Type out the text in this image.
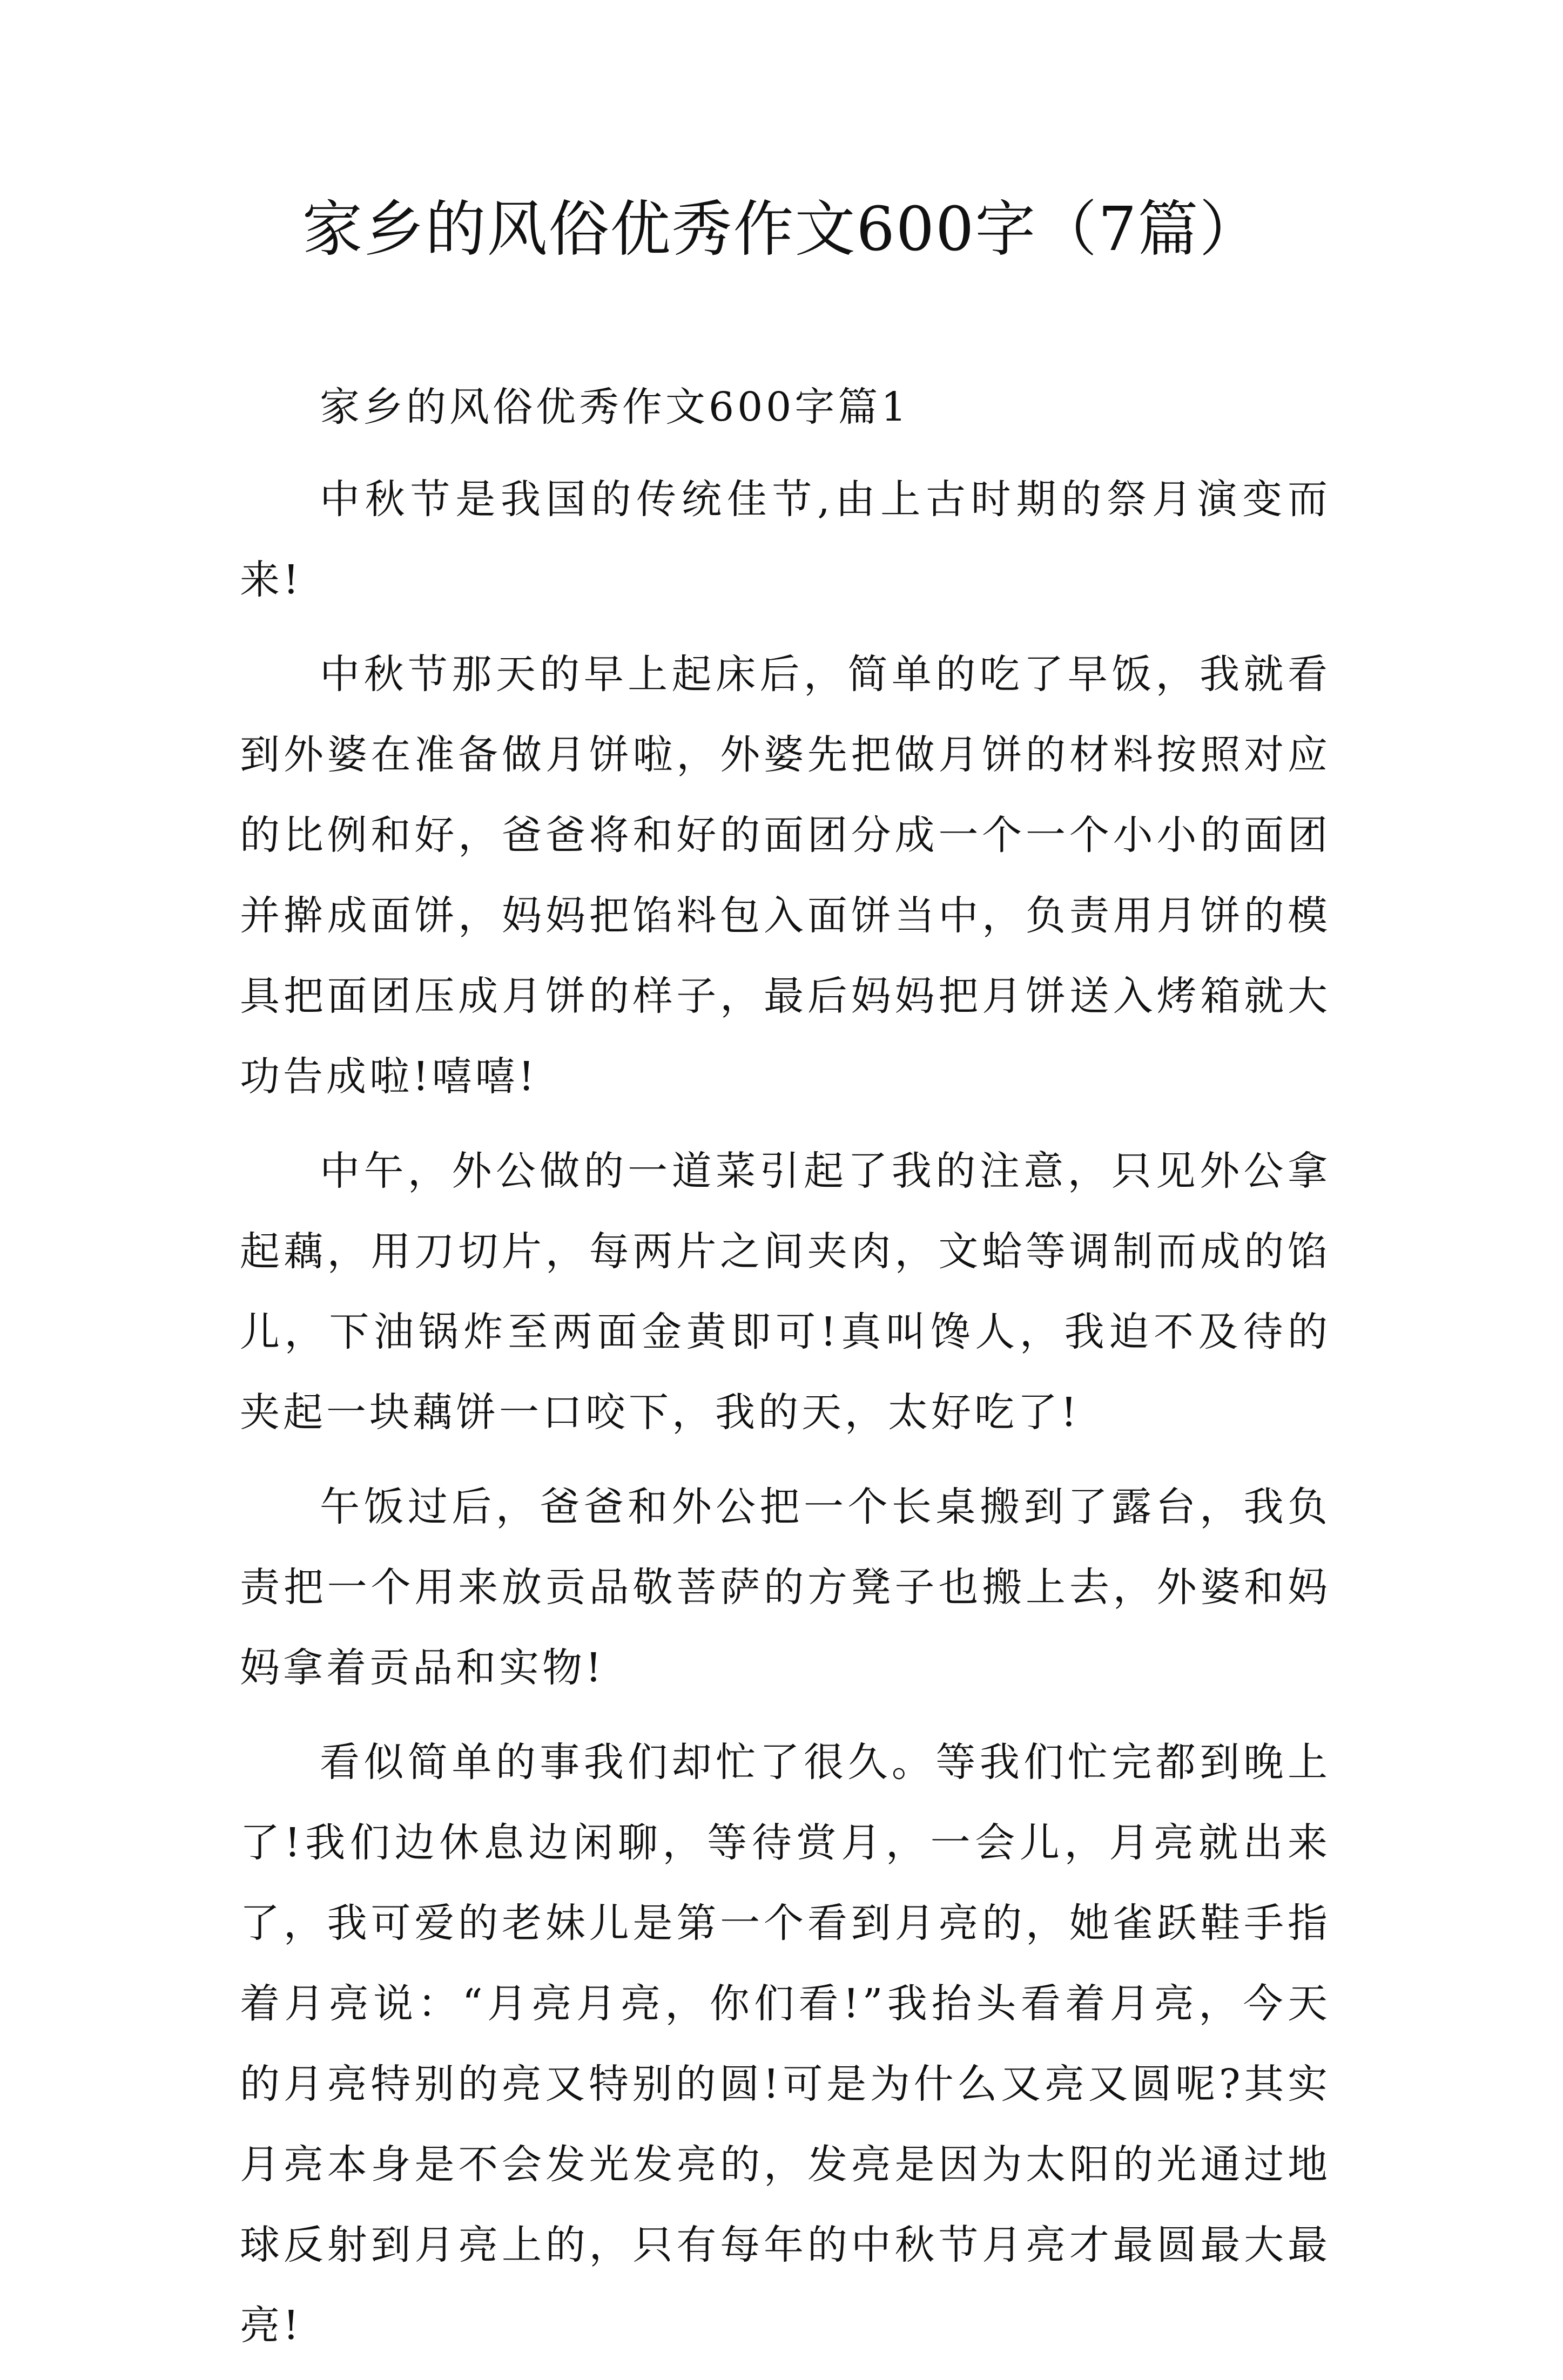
家乡的风俗优秀作文600字（7篇）

家乡的风俗优秀作文600字篇1

中秋节是我国的传统佳节,由上古时期的祭月演变而来!

中秋节那天的早上起床后，简单的吃了早饭，我就看到外婆在准备做月饼啦，外婆先把做月饼的材料按照对应的比例和好，爸爸将和好的面团分成一个一个小小的面团并擀成面饼，妈妈把馅料包入面饼当中，负责用月饼的模具把面团压成月饼的样子，最后妈妈把月饼送入烤箱就大功告成啦!嘻嘻!

中午，外公做的一道菜引起了我的注意，只见外公拿起藕，用刀切片，每两片之间夹肉，文蛤等调制而成的馅儿，下油锅炸至两面金黄即可!真叫馋人，我迫不及待的夹起一块藕饼一口咬下，我的天，太好吃了!

午饭过后，爸爸和外公把一个长桌搬到了露台，我负责把一个用来放贡品敬菩萨的方凳子也搬上去，外婆和妈妈拿着贡品和实物!

看似简单的事我们却忙了很久。等我们忙完都到晚上了!我们边休息边闲聊，等待赏月，一会儿，月亮就出来了，我可爱的老妹儿是第一个看到月亮的，她雀跃鞋手指着月亮说：“月亮月亮，你们看!”我抬头看着月亮，今天的月亮特别的亮又特别的圆!可是为什么又亮又圆呢?其实月亮本身是不会发光发亮的，发亮是因为太阳的光通过地球反射到月亮上的，只有每年的中秋节月亮才最圆最大最亮!
